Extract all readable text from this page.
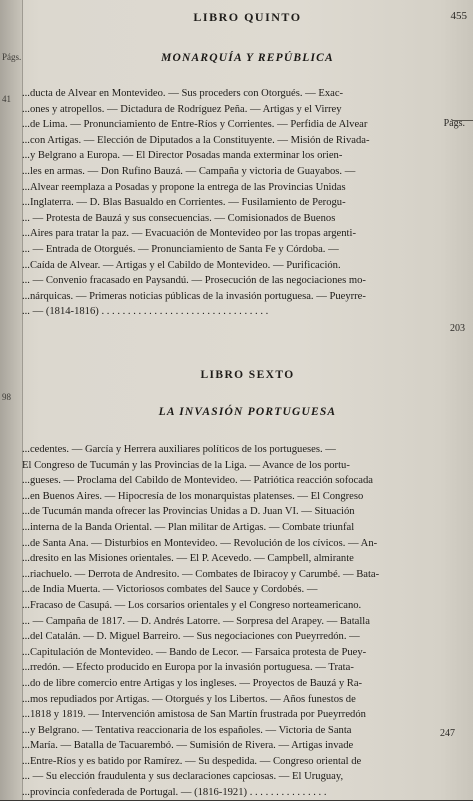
Págs.
41
98
LIBRO QUINTO	455
MONARQUÍA Y REPÚBLICA
Págs.
...ducta de Alvear en Montevideo. — Sus proceders con Otorgués. — Exac-
...ones y atropellos. — Dictadura de Rodríguez Peña. — Artigas y el Virrey
...de Lima. — Pronunciamiento de Entre-Ríos y Corrientes. — Perfidia de Alvear
...con Artigas. — Elección de Diputados a la Constituyente. — Misión de Rivada-
...y Belgrano a Europa. — El Director Posadas manda exterminar los orien-
...les en armas. — Don Rufino Bauzá. — Campaña y victoria de Guayabos. —
...Alvear reemplaza a Posadas y propone la entrega de las Provincias Unidas
...Inglaterra. — D. Blas Basualdo en Corrientes. — Fusilamiento de Perogu-
... — Protesta de Bauzá y sus consecuencias. — Comisionados de Buenos
...Aires para tratar la paz. — Evacuación de Montevideo por las tropas argenti-
... — Entrada de Otorgués. — Pronunciamiento de Santa Fe y Córdoba. —
...Caída de Alvear. — Artigas y el Cabildo de Montevideo. — Purificación.
... — Convenio fracasado en Paysandú. — Prosecución de las negociaciones mo-
...nárquicas. — Primeras noticias públicas de la invasión portuguesa. — Pueyrre-
... — (1814-1816) . . . . . . . . . . . . . . . . . . . . . . . . . . . . . . . .
203
LIBRO SEXTO
LA INVASIÓN PORTUGUESA
...cedentes. — García y Herrera auxiliares políticos de los portugueses. —
El Congreso de Tucumán y las Provincias de la Liga. — Avance de los portu-
...gueses. — Proclama del Cabildo de Montevideo. — Patriótica reacción sofocada
...en Buenos Aires. — Hipocresía de los monarquistas platenses. — El Congreso
...de Tucumán manda ofrecer las Provincias Unidas a D. Juan VI. — Situación
...interna de la Banda Oriental. — Plan militar de Artigas. — Combate triunfal
...de Santa Ana. — Disturbios en Montevideo. — Revolución de los cívicos. — An-
...dresito en las Misiones orientales. — El P. Acevedo. — Campbell, almirante
...riachuelo. — Derrota de Andresito. — Combates de Ibiracoy y Carumbé. — Bata-
...de India Muerta. — Victoriosos combates del Sauce y Cordobés. —
...Fracaso de Casupá. — Los corsarios orientales y el Congreso norteamericano.
... — Campaña de 1817. — D. Andrés Latorre. — Sorpresa del Arapey. — Batalla
...del Catalán. — D. Miguel Barreiro. — Sus negociaciones con Pueyrredón. —
...Capitulación de Montevideo. — Bando de Lecor. — Farsaica protesta de Puey-
...rredón. — Efecto producido en Europa por la invasión portuguesa. — Trata-
...do de libre comercio entre Artigas y los ingleses. — Proyectos de Bauzá y Ra-
...mos repudiados por Artigas. — Otorgués y los Libertos. — Años funestos de
...1818 y 1819. — Intervención amistosa de San Martín frustrada por Pueyrredón
...y Belgrano. — Tentativa reaccionaria de los españoles. — Victoria de Santa
...María. — Batalla de Tacuarembó. — Sumisión de Rivera. — Artigas invade
...Entre-Ríos y es batido por Ramírez. — Su despedida. — Congreso oriental de
... — Su elección fraudulenta y sus declaraciones capciosas. — El Uruguay,
...provincia confederada de Portugal. — (1816-1921) . . . . . . . . . . . . . . .
247
